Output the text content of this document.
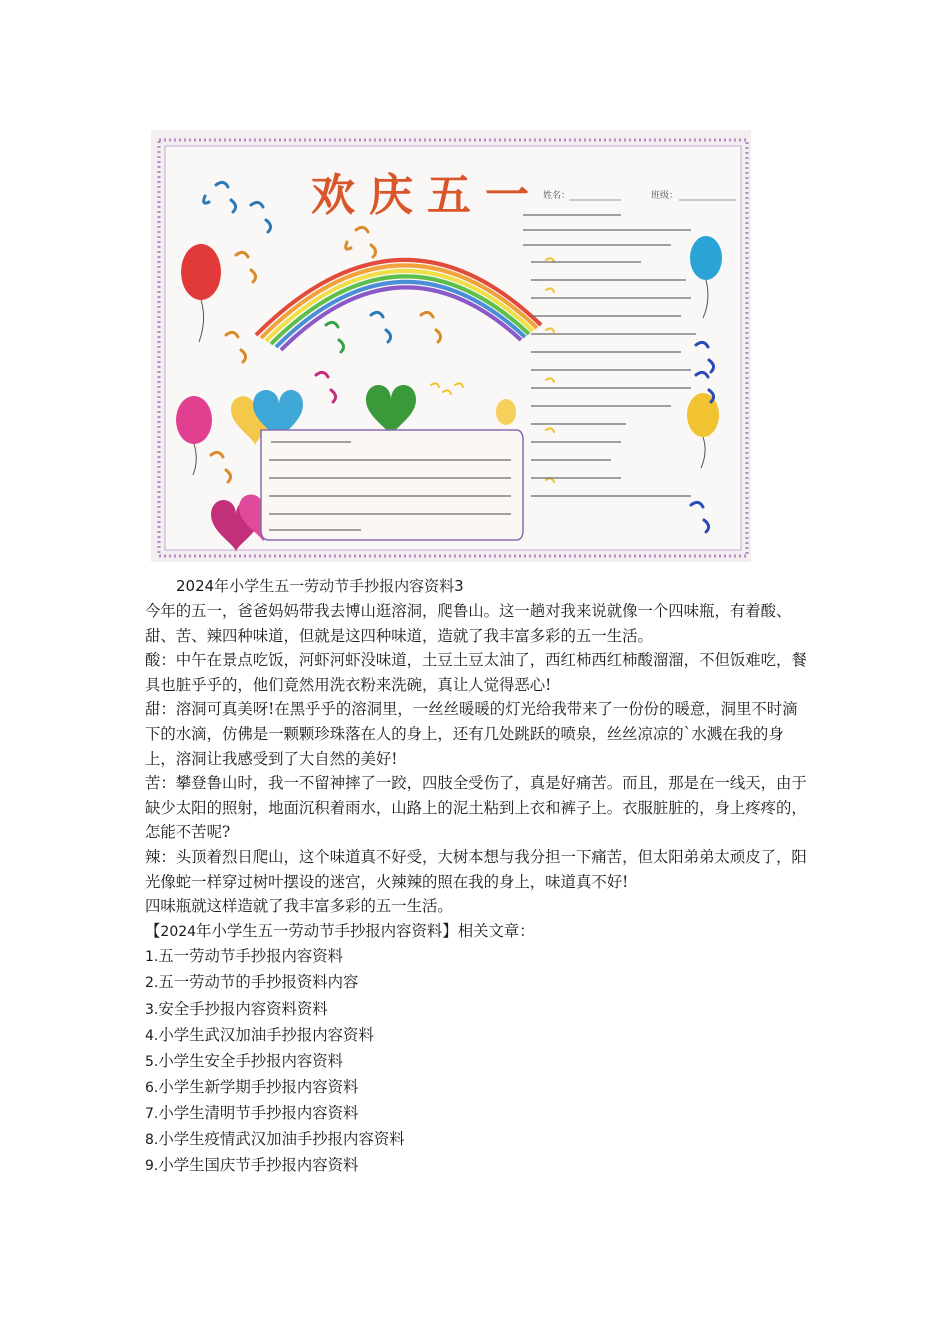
欢庆五一 姓名：	班级：
2024年小学生五一劳动节手抄报内容资料3

今年的五一，爸爸妈妈带我去博山逛溶洞，爬鲁山。这一趟对我来说就像一个四味瓶，有着酸、甜、苦、辣四种味道，但就是这四种味道，造就了我丰富多彩的五一生活。

酸：中午在景点吃饭，河虾河虾没味道，土豆土豆太油了，西红柿西红柿酸溜溜，不但饭难吃，餐具也脏乎乎的，他们竟然用洗衣粉来洗碗，真让人觉得恶心!

甜：溶洞可真美呀!在黑乎乎的溶洞里，一丝丝暖暖的灯光给我带来了一份份的暖意，洞里不时滴下的水滴，仿佛是一颗颗珍珠落在人的身上，还有几处跳跃的喷泉，丝丝凉凉的`水溅在我的身上，溶洞让我感受到了大自然的美好!

苦：攀登鲁山时，我一不留神摔了一跤，四肢全受伤了，真是好痛苦。而且，那是在一线天，由于缺少太阳的照射，地面沉积着雨水，山路上的泥土粘到上衣和裤子上。衣服脏脏的，身上疼疼的，怎能不苦呢?

辣：头顶着烈日爬山，这个味道真不好受，大树本想与我分担一下痛苦，但太阳弟弟太顽皮了，阳光像蛇一样穿过树叶摆设的迷宫，火辣辣的照在我的身上，味道真不好!

四味瓶就这样造就了我丰富多彩的五一生活。

【2024年小学生五一劳动节手抄报内容资料】相关文章：

1.五一劳动节手抄报内容资料
2.五一劳动节的手抄报资料内容
3.安全手抄报内容资料资料
4.小学生武汉加油手抄报内容资料
5.小学生安全手抄报内容资料
6.小学生新学期手抄报内容资料
7.小学生清明节手抄报内容资料
8.小学生疫情武汉加油手抄报内容资料
9.小学生国庆节手抄报内容资料
